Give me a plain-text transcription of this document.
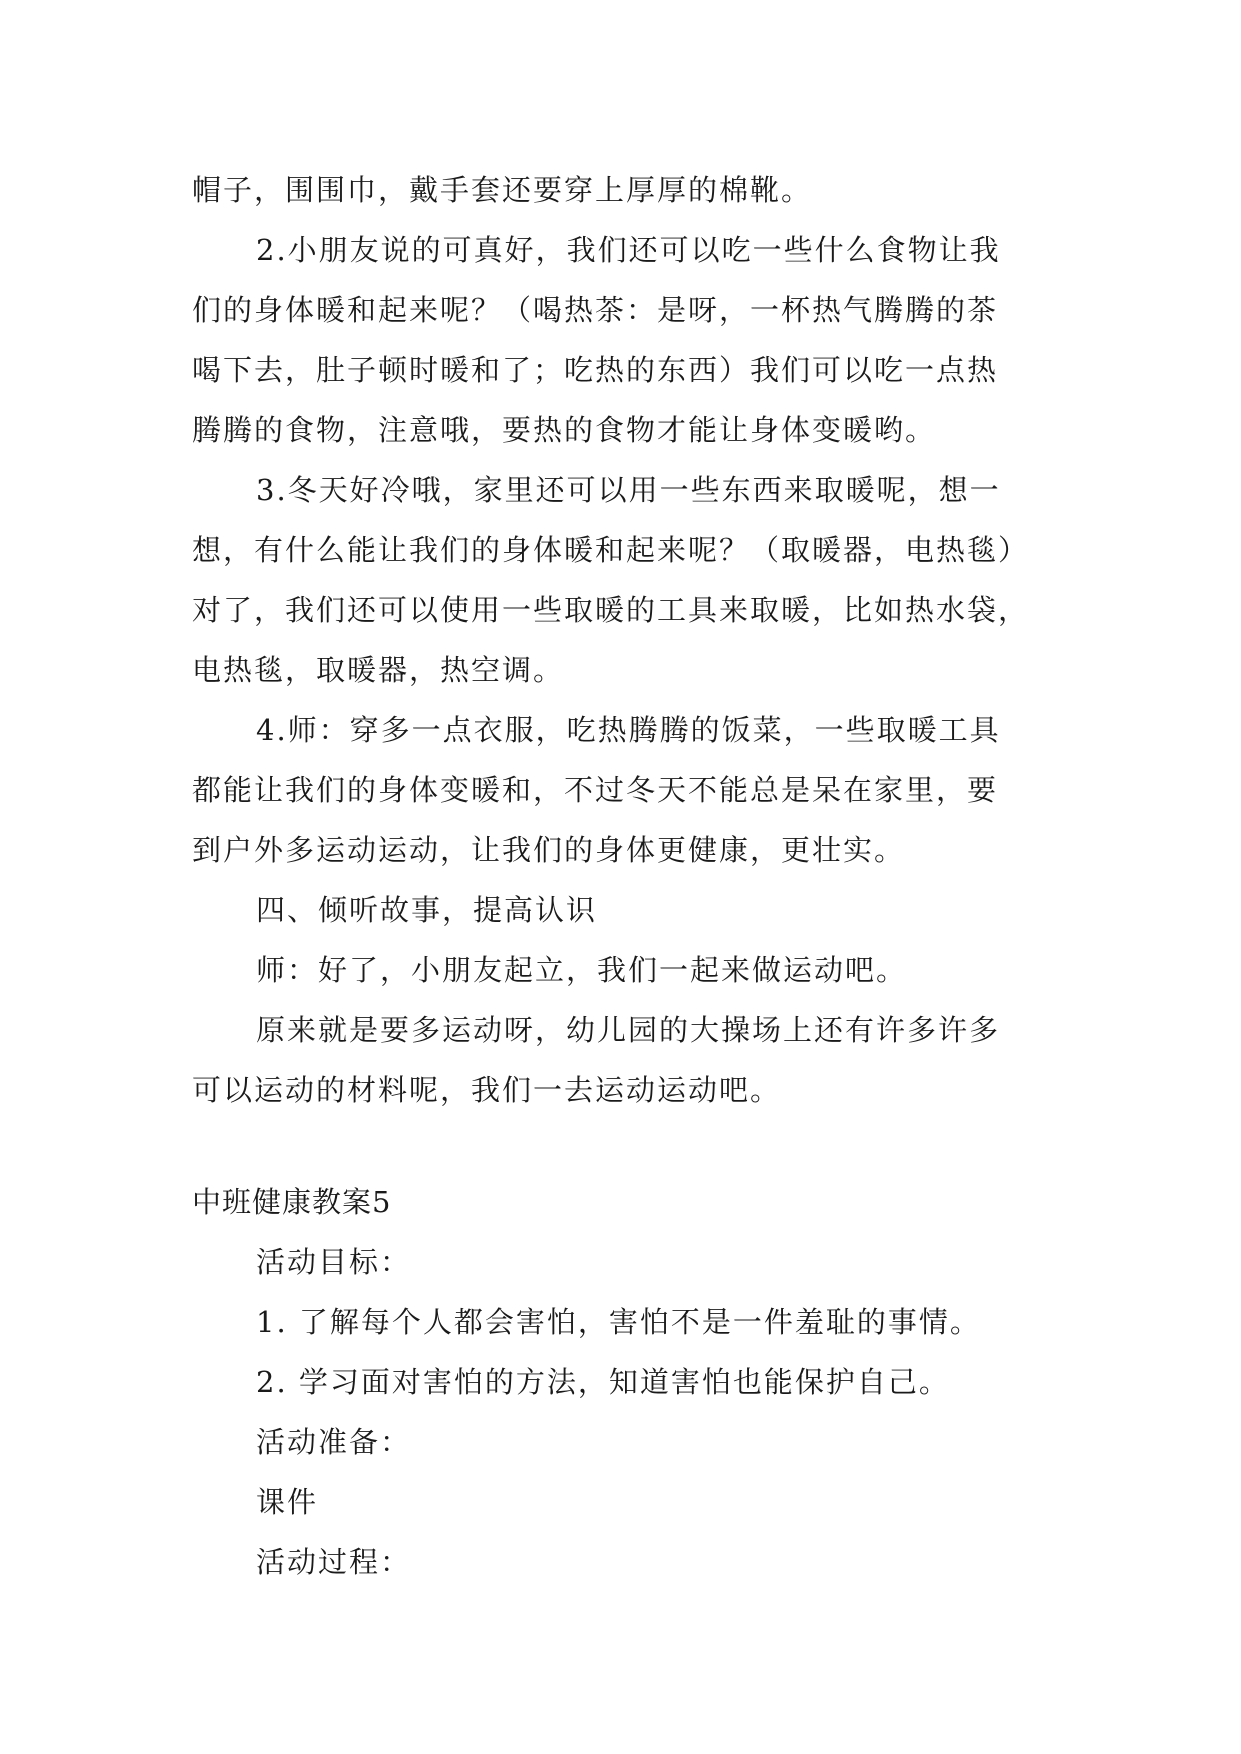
帽子，围围巾，戴手套还要穿上厚厚的棉靴。
2.小朋友说的可真好，我们还可以吃一些什么食物让我
们的身体暖和起来呢？（喝热茶：是呀，一杯热气腾腾的茶
喝下去，肚子顿时暖和了；吃热的东西）我们可以吃一点热
腾腾的食物，注意哦，要热的食物才能让身体变暖哟。
3.冬天好冷哦，家里还可以用一些东西来取暖呢，想一
想，有什么能让我们的身体暖和起来呢？（取暖器，电热毯）
对了，我们还可以使用一些取暖的工具来取暖，比如热水袋，
电热毯，取暖器，热空调。
4.师：穿多一点衣服，吃热腾腾的饭菜，一些取暖工具
都能让我们的身体变暖和，不过冬天不能总是呆在家里，要
到户外多运动运动，让我们的身体更健康，更壮实。
四、倾听故事，提高认识
师：好了，小朋友起立，我们一起来做运动吧。
原来就是要多运动呀，幼儿园的大操场上还有许多许多
可以运动的材料呢，我们一去运动运动吧。
中班健康教案5
活动目标：
1. 了解每个人都会害怕，害怕不是一件羞耻的事情。
2. 学习面对害怕的方法，知道害怕也能保护自己。
活动准备：
课件
活动过程：
